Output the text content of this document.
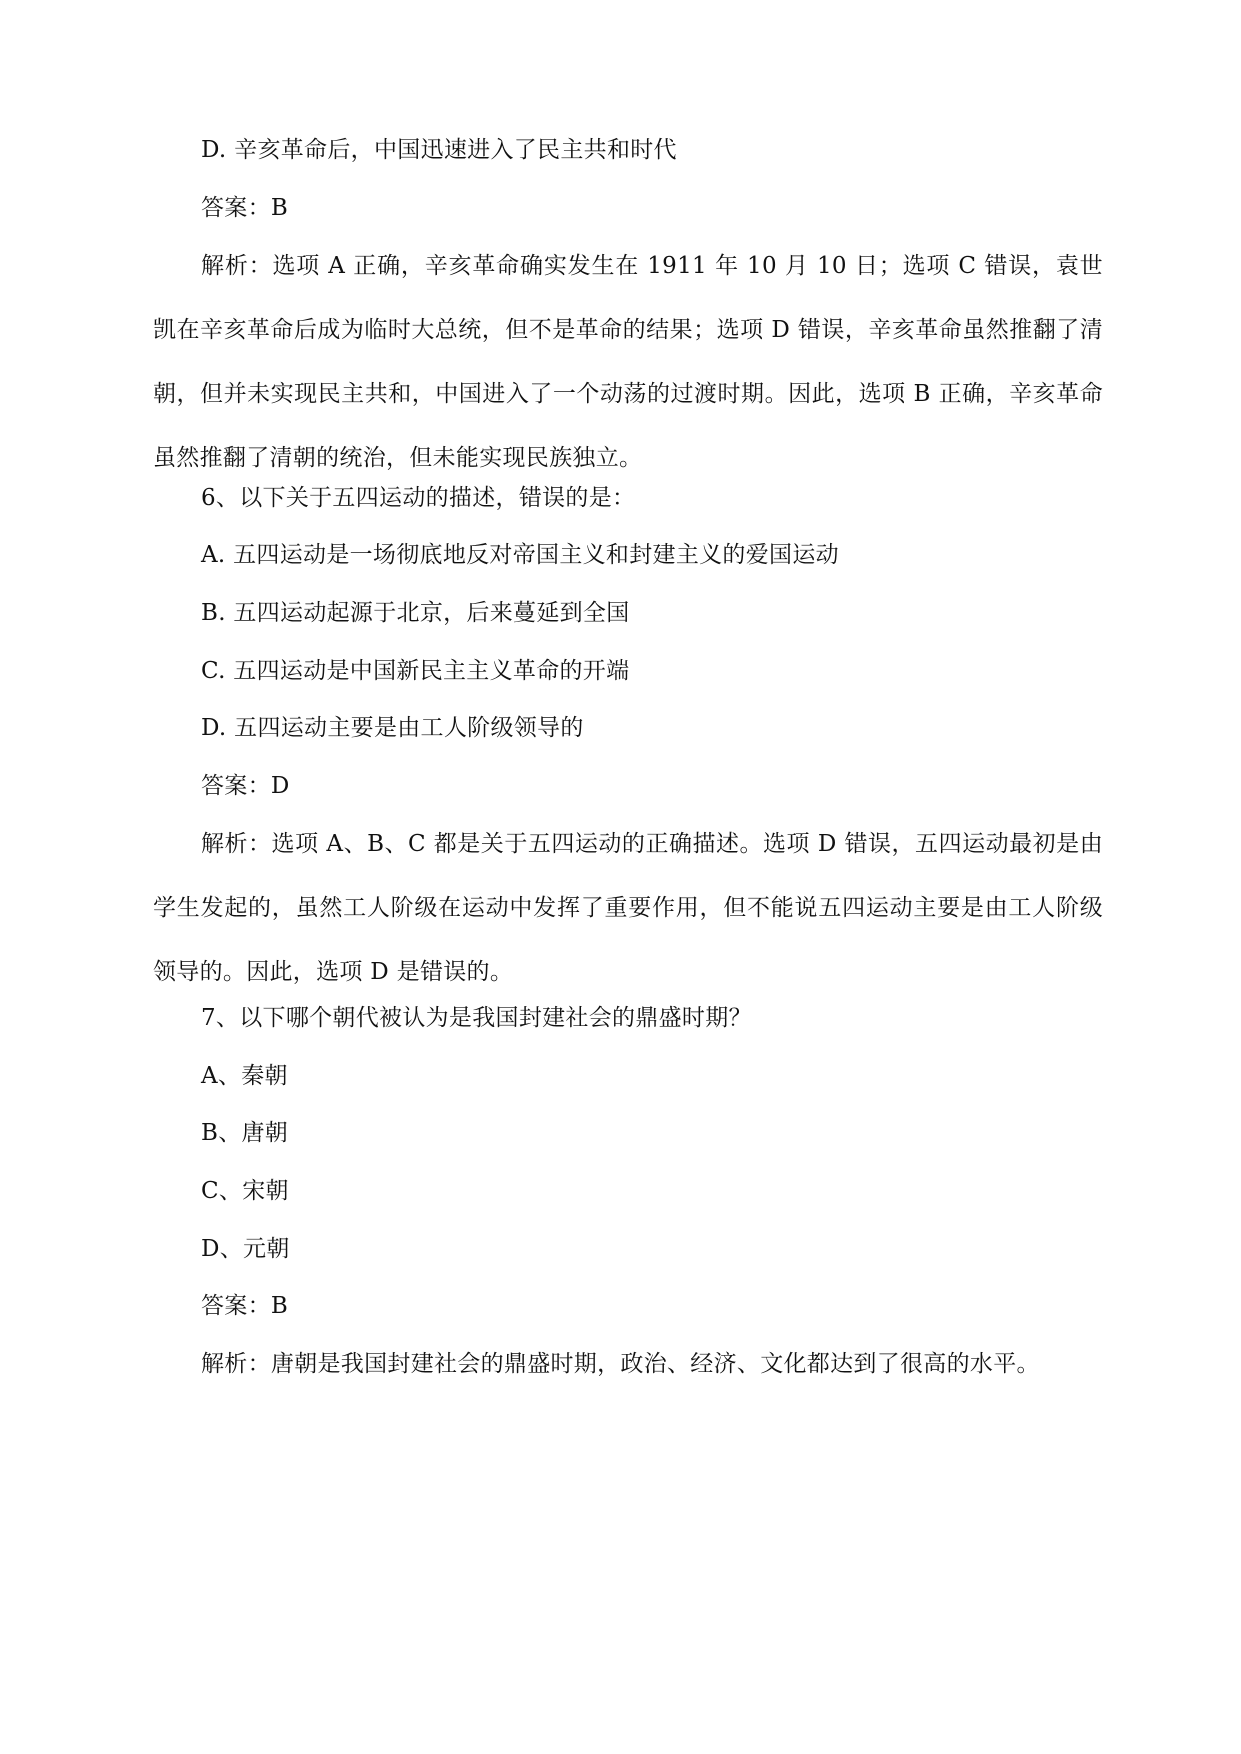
D. 辛亥革命后，中国迅速进入了民主共和时代
答案：B
解析：选项 A 正确，辛亥革命确实发生在 1911 年 10 月 10 日；选项 C 错误，袁世凯在辛亥革命后成为临时大总统，但不是革命的结果；选项 D 错误，辛亥革命虽然推翻了清朝，但并未实现民主共和，中国进入了一个动荡的过渡时期。因此，选项 B 正确，辛亥革命虽然推翻了清朝的统治，但未能实现民族独立。
6、以下关于五四运动的描述，错误的是：
A. 五四运动是一场彻底地反对帝国主义和封建主义的爱国运动
B. 五四运动起源于北京，后来蔓延到全国
C. 五四运动是中国新民主主义革命的开端
D. 五四运动主要是由工人阶级领导的
答案：D
解析：选项 A、B、C 都是关于五四运动的正确描述。选项 D 错误，五四运动最初是由学生发起的，虽然工人阶级在运动中发挥了重要作用，但不能说五四运动主要是由工人阶级领导的。因此，选项 D 是错误的。
7、以下哪个朝代被认为是我国封建社会的鼎盛时期？
A、秦朝
B、唐朝
C、宋朝
D、元朝
答案：B
解析：唐朝是我国封建社会的鼎盛时期，政治、经济、文化都达到了很高的水平。
